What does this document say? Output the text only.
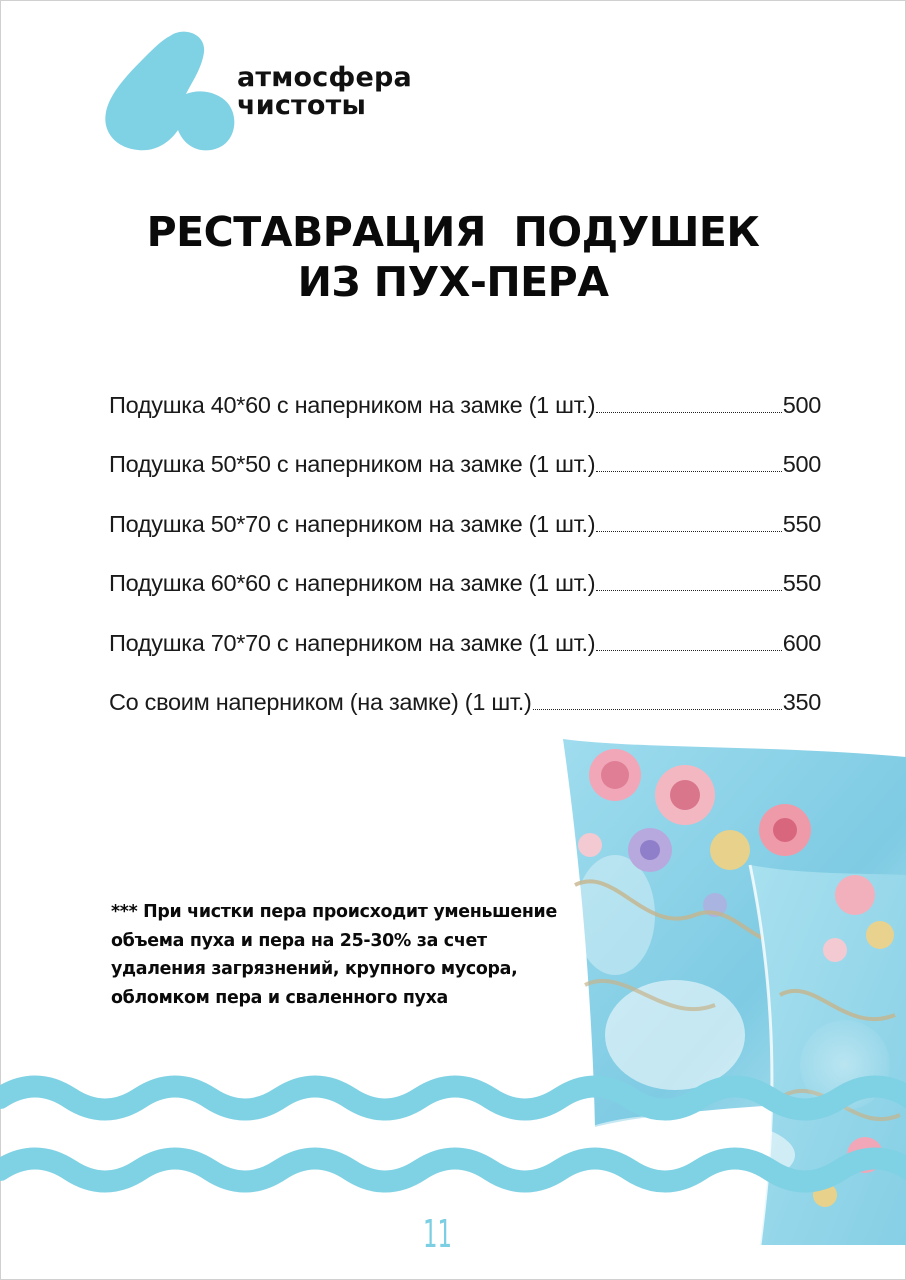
атмосфера
чистоты
РЕСТАВРАЦИЯ  ПОДУШЕК
ИЗ ПУХ-ПЕРА
Подушка 40*60 с наперником на замке (1 шт.)	500
Подушка 50*50 с наперником на замке (1 шт.)	500
Подушка 50*70 с наперником на замке (1 шт.)	550
Подушка 60*60 с наперником на замке (1 шт.)	550
Подушка 70*70 с наперником на замке (1 шт.)	600
Со своим наперником (на замке) (1 шт.)	350
*** При чистки пера происходит уменьшение
объема пуха и пера на 25-30% за счет
удаления загрязнений, крупного мусора,
обломком пера и сваленного пуха
11
